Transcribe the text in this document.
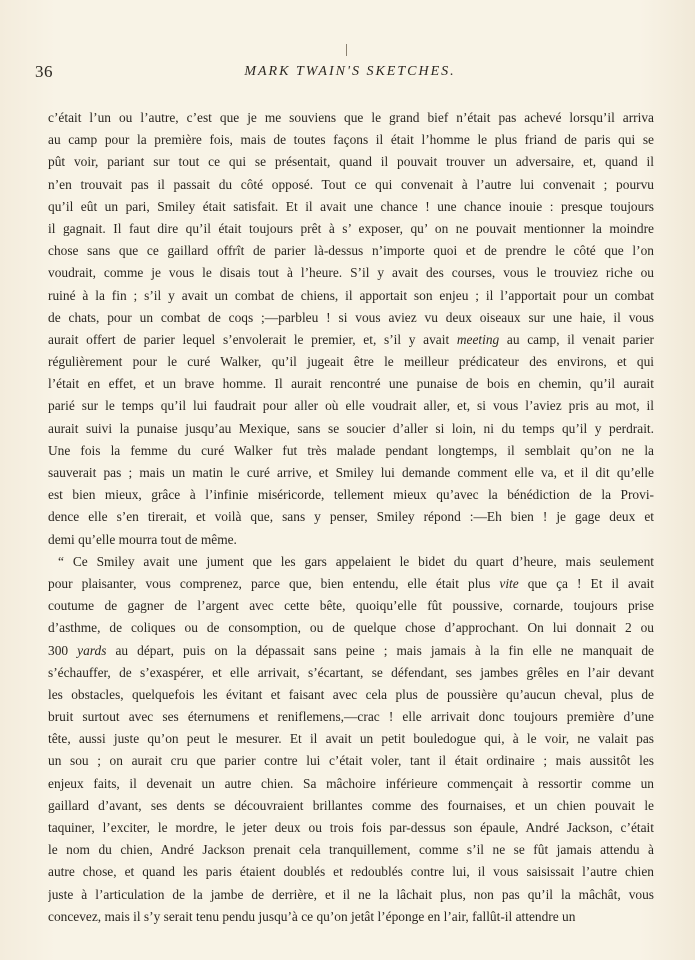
36	MARK TWAIN'S SKETCHES.
c’était l’un ou l’autre, c’est que je me souviens que le grand bief n’était pas achevé lorsqu’il arriva
au camp pour la première fois, mais de toutes façons il était l’homme le plus friand de paris qui se
pût voir, pariant sur tout ce qui se présentait, quand il pouvait trouver un adversaire, et, quand il
n’en trouvait pas il passait du côté opposé. Tout ce qui convenait à l’autre lui convenait ; pourvu
qu’il eût un pari, Smiley était satisfait. Et il avait une chance ! une chance inouie : presque toujours
il gagnait. Il faut dire qu’il était toujours prêt à s’ exposer, qu’ on ne pouvait mentionner la moindre
chose sans que ce gaillard offrît de parier là-dessus n’importe quoi et de prendre le côté que l’on
voudrait, comme je vous le disais tout à l’heure. S’il y avait des courses, vous le trouviez riche ou
ruiné à la fin ; s’il y avait un combat de chiens, il apportait son enjeu ; il l’apportait pour un combat
de chats, pour un combat de coqs ;—parbleu ! si vous aviez vu deux oiseaux sur une haie, il vous
aurait offert de parier lequel s’envolerait le premier, et, s’il y avait meeting au camp, il venait parier
régulièrement pour le curé Walker, qu’il jugeait être le meilleur prédicateur des environs, et qui
l’était en effet, et un brave homme. Il aurait rencontré une punaise de bois en chemin, qu’il aurait
parié sur le temps qu’il lui faudrait pour aller où elle voudrait aller, et, si vous l’aviez pris au mot, il
aurait suivi la punaise jusqu’au Mexique, sans se soucier d’aller si loin, ni du temps qu’il y perdrait.
Une fois la femme du curé Walker fut très malade pendant longtemps, il semblait qu’on ne la
sauverait pas ; mais un matin le curé arrive, et Smiley lui demande comment elle va, et il dit qu’elle
est bien mieux, grâce à l’infinie miséricorde, tellement mieux qu’avec la bénédiction de la Provi-
dence elle s’en tirerait, et voilà que, sans y penser, Smiley répond :—Eh bien ! je gage deux et
demi qu’elle mourra tout de même.
“ Ce Smiley avait une jument que les gars appelaient le bidet du quart d’heure, mais seulement
pour plaisanter, vous comprenez, parce que, bien entendu, elle était plus vite que ça ! Et il avait
coutume de gagner de l’argent avec cette bête, quoiqu’elle fût poussive, cornarde, toujours prise
d’asthme, de coliques ou de consomption, ou de quelque chose d’approchant. On lui donnait 2 ou
300 yards au départ, puis on la dépassait sans peine ; mais jamais à la fin elle ne manquait de
s’échauffer, de s’exaspérer, et elle arrivait, s’écartant, se défendant, ses jambes grêles en l’air devant
les obstacles, quelquefois les évitant et faisant avec cela plus de poussière qu’aucun cheval, plus de
bruit surtout avec ses éternumens et reniflemens,—crac ! elle arrivait donc toujours première d’une
tête, aussi juste qu’on peut le mesurer. Et il avait un petit bouledogue qui, à le voir, ne valait pas
un sou ; on aurait cru que parier contre lui c’était voler, tant il était ordinaire ; mais aussitôt les
enjeux faits, il devenait un autre chien. Sa mâchoire inférieure commençait à ressortir comme un
gaillard d’avant, ses dents se découvraient brillantes comme des fournaises, et un chien pouvait le
taquiner, l’exciter, le mordre, le jeter deux ou trois fois par-dessus son épaule, André Jackson, c’était
le nom du chien, André Jackson prenait cela tranquillement, comme s’il ne se fût jamais attendu à
autre chose, et quand les paris étaient doublés et redoublés contre lui, il vous saisissait l’autre chien
juste à l’articulation de la jambe de derrière, et il ne la lâchait plus, non pas qu’il la mâchât, vous
concevez, mais il s’y serait tenu pendu jusqu’à ce qu’on jetât l’éponge en l’air, fallût-il attendre un
